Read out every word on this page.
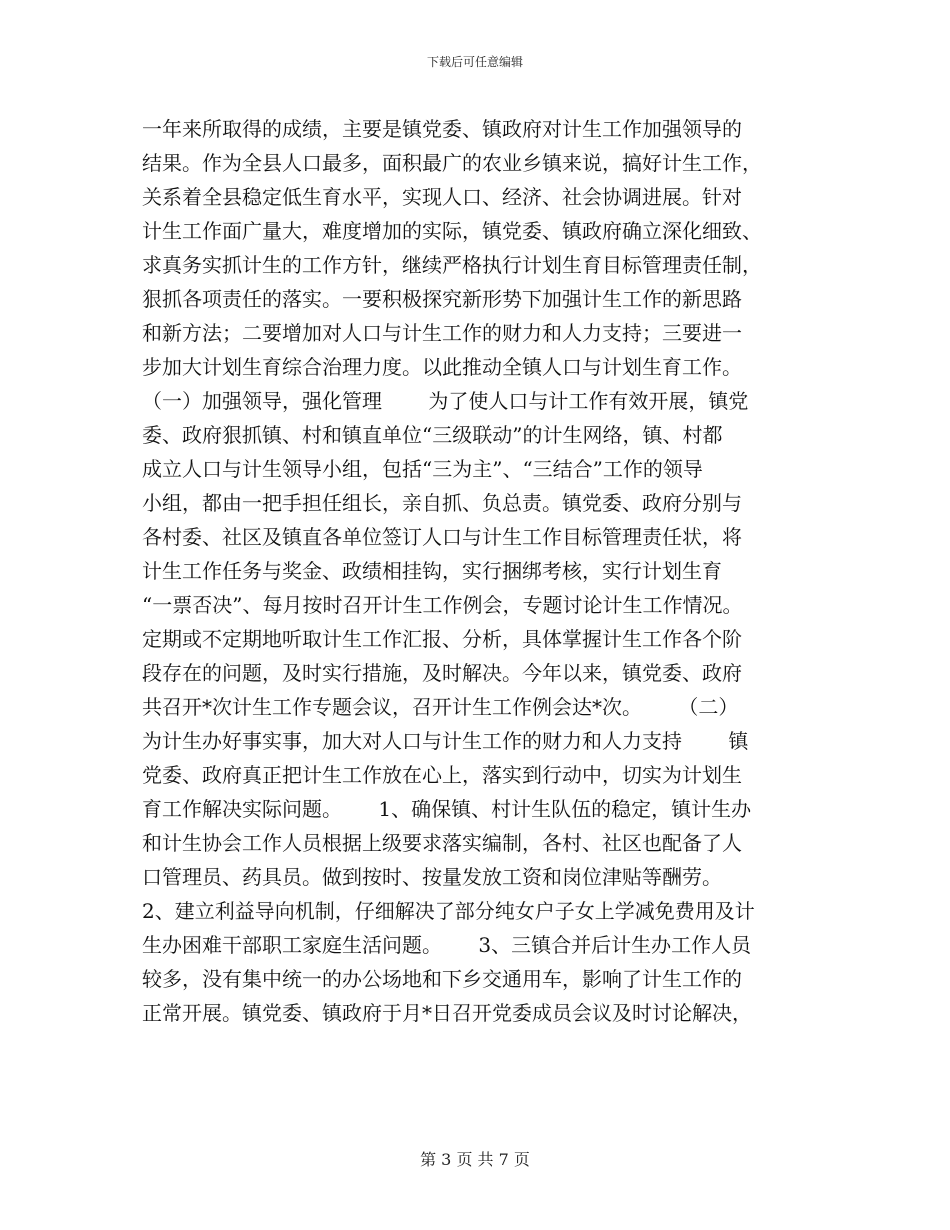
下载后可任意编辑
一年来所取得的成绩，主要是镇党委、镇政府对计生工作加强领导的
结果。作为全县人口最多，面积最广的农业乡镇来说，搞好计生工作，
关系着全县稳定低生育水平，实现人口、经济、社会协调进展。针对
计生工作面广量大，难度增加的实际，镇党委、镇政府确立深化细致、
求真务实抓计生的工作方针，继续严格执行计划生育目标管理责任制，
狠抓各项责任的落实。一要积极探究新形势下加强计生工作的新思路
和新方法；二要增加对人口与计生工作的财力和人力支持；三要进一
步加大计划生育综合治理力度。以此推动全镇人口与计划生育工作。
（一）加强领导，强化管理　　 为了使人口与计工作有效开展，镇党
委、政府狠抓镇、村和镇直单位“三级联动”的计生网络，镇、村都
成立人口与计生领导小组，包括“三为主”、“三结合”工作的领导
小组，都由一把手担任组长，亲自抓、负总责。镇党委、政府分别与
各村委、社区及镇直各单位签订人口与计生工作目标管理责任状，将
计生工作任务与奖金、政绩相挂钩，实行捆绑考核，实行计划生育
“一票否决”、每月按时召开计生工作例会，专题讨论计生工作情况。
定期或不定期地听取计生工作汇报、分析，具体掌握计生工作各个阶
段存在的问题，及时实行措施，及时解决。今年以来，镇党委、政府
共召开*次计生工作专题会议，召开计生工作例会达*次。　　 （二）
为计生办好事实事，加大对人口与计生工作的财力和人力支持　　 镇
党委、政府真正把计生工作放在心上，落实到行动中，切实为计划生
育工作解决实际问题。　　 1、确保镇、村计生队伍的稳定，镇计生办
和计生协会工作人员根据上级要求落实编制，各村、社区也配备了人
口管理员、药具员。做到按时、按量发放工资和岗位津贴等酬劳。
2、建立利益导向机制，仔细解决了部分纯女户子女上学减免费用及计
生办困难干部职工家庭生活问题。　　 3、三镇合并后计生办工作人员
较多，没有集中统一的办公场地和下乡交通用车，影响了计生工作的
正常开展。镇党委、镇政府于月*日召开党委成员会议及时讨论解决，
第 3 页 共 7 页
